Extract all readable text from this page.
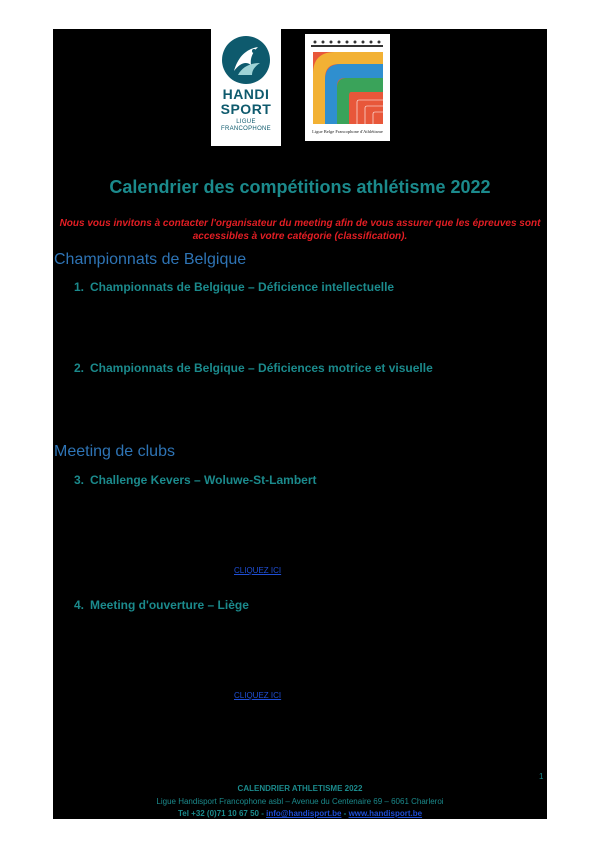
HANDI
SPORT
LIGUE
FRANCOPHONE	Ligue Belge Francophone d'Athlétisme
Calendrier des compétitions athlétisme 2022
Nous vous invitons à contacter l'organisateur du meeting afin de vous assurer que les épreuves sont accessibles à votre catégorie (classification).
Championnats de Belgique
1. Championnats de Belgique – Déficience intellectuelle
2. Championnats de Belgique – Déficiences motrice et visuelle
Meeting de clubs
3. Challenge Kevers – Woluwe-St-Lambert
CLIQUEZ ICI
4. Meeting d'ouverture – Liège
CLIQUEZ ICI
1
CALENDRIER ATHLETISME 2022
Ligue Handisport Francophone asbl – Avenue du Centenaire 69 – 6061 Charleroi
Tel +32 (0)71 10 67 50 - info@handisport.be - www.handisport.be
